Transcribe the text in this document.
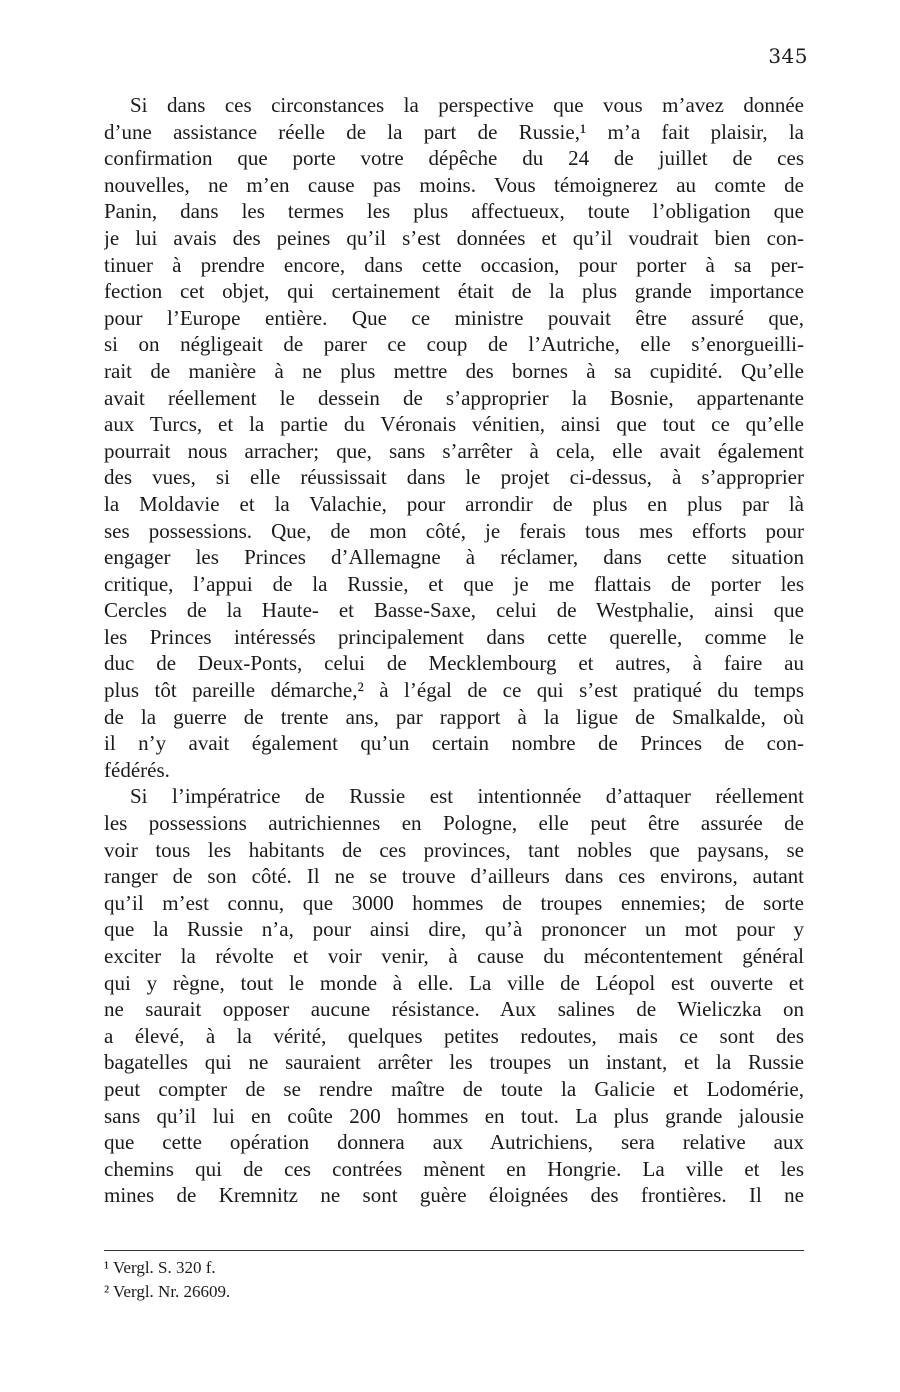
345
Si dans ces circonstances la perspective que vous m’avez donnée
d’une assistance réelle de la part de Russie,¹ m’a fait plaisir, la
confirmation que porte votre dépêche du 24 de juillet de ces
nouvelles, ne m’en cause pas moins. Vous témoignerez au comte de
Panin, dans les termes les plus affectueux, toute l’obligation que
je lui avais des peines qu’il s’est données et qu’il voudrait bien con-
tinuer à prendre encore, dans cette occasion, pour porter à sa per-
fection cet objet, qui certainement était de la plus grande importance
pour l’Europe entière. Que ce ministre pouvait être assuré que,
si on négligeait de parer ce coup de l’Autriche, elle s’enorgueilli-
rait de manière à ne plus mettre des bornes à sa cupidité. Qu’elle
avait réellement le dessein de s’approprier la Bosnie, appartenante
aux Turcs, et la partie du Véronais vénitien, ainsi que tout ce qu’elle
pourrait nous arracher; que, sans s’arrêter à cela, elle avait également
des vues, si elle réussissait dans le projet ci-dessus, à s’approprier
la Moldavie et la Valachie, pour arrondir de plus en plus par là
ses possessions. Que, de mon côté, je ferais tous mes efforts pour
engager les Princes d’Allemagne à réclamer, dans cette situation
critique, l’appui de la Russie, et que je me flattais de porter les
Cercles de la Haute- et Basse-Saxe, celui de Westphalie, ainsi que
les Princes intéressés principalement dans cette querelle, comme le
duc de Deux-Ponts, celui de Mecklembourg et autres, à faire au
plus tôt pareille démarche,² à l’égal de ce qui s’est pratiqué du temps
de la guerre de trente ans, par rapport à la ligue de Smalkalde, où
il n’y avait également qu’un certain nombre de Princes de con-
fédérés.
Si l’impératrice de Russie est intentionnée d’attaquer réellement
les possessions autrichiennes en Pologne, elle peut être assurée de
voir tous les habitants de ces provinces, tant nobles que paysans, se
ranger de son côté. Il ne se trouve d’ailleurs dans ces environs, autant
qu’il m’est connu, que 3000 hommes de troupes ennemies; de sorte
que la Russie n’a, pour ainsi dire, qu’à prononcer un mot pour y
exciter la révolte et voir venir, à cause du mécontentement général
qui y règne, tout le monde à elle. La ville de Léopol est ouverte et
ne saurait opposer aucune résistance. Aux salines de Wieliczka on
a élevé, à la vérité, quelques petites redoutes, mais ce sont des
bagatelles qui ne sauraient arrêter les troupes un instant, et la Russie
peut compter de se rendre maître de toute la Galicie et Lodomérie,
sans qu’il lui en coûte 200 hommes en tout. La plus grande jalousie
que cette opération donnera aux Autrichiens, sera relative aux
chemins qui de ces contrées mènent en Hongrie. La ville et les
mines de Kremnitz ne sont guère éloignées des frontières. Il ne
¹ Vergl. S. 320 f.
² Vergl. Nr. 26609.
